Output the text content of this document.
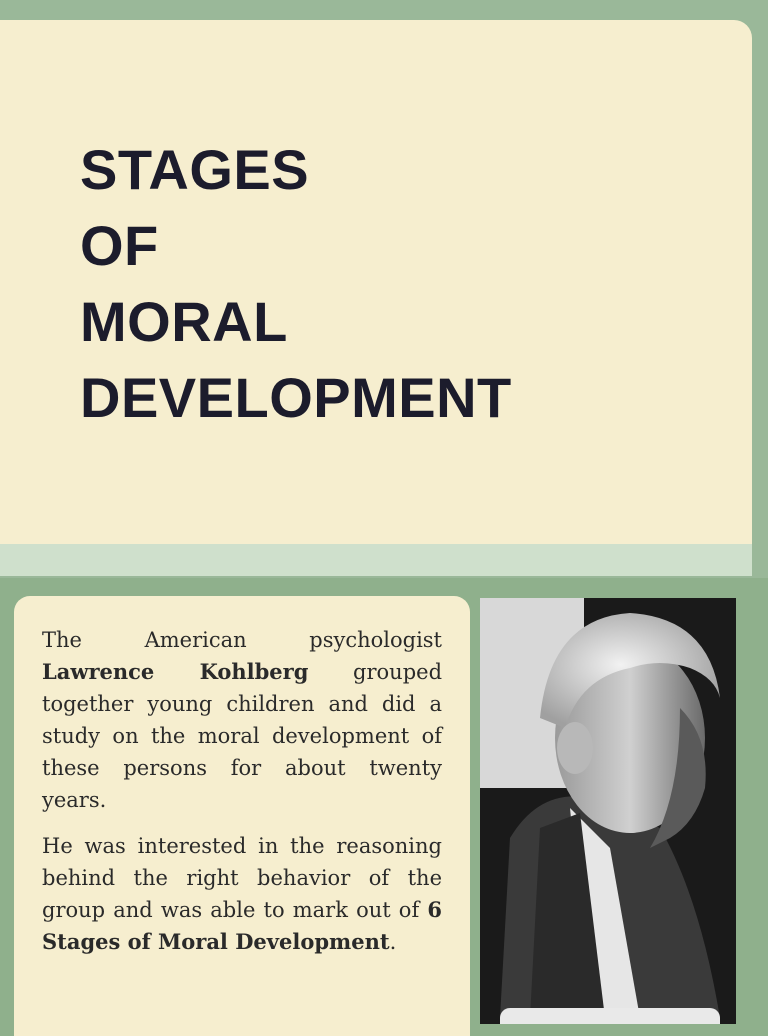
STAGES
OF
MORAL
DEVELOPMENT

The American psychologist Lawrence Kohlberg grouped together young children and did a study on the moral development of these persons for about twenty years.

He was interested in the reasoning behind the right behavior of the group and was able to mark out of 6 Stages of Moral Development.
